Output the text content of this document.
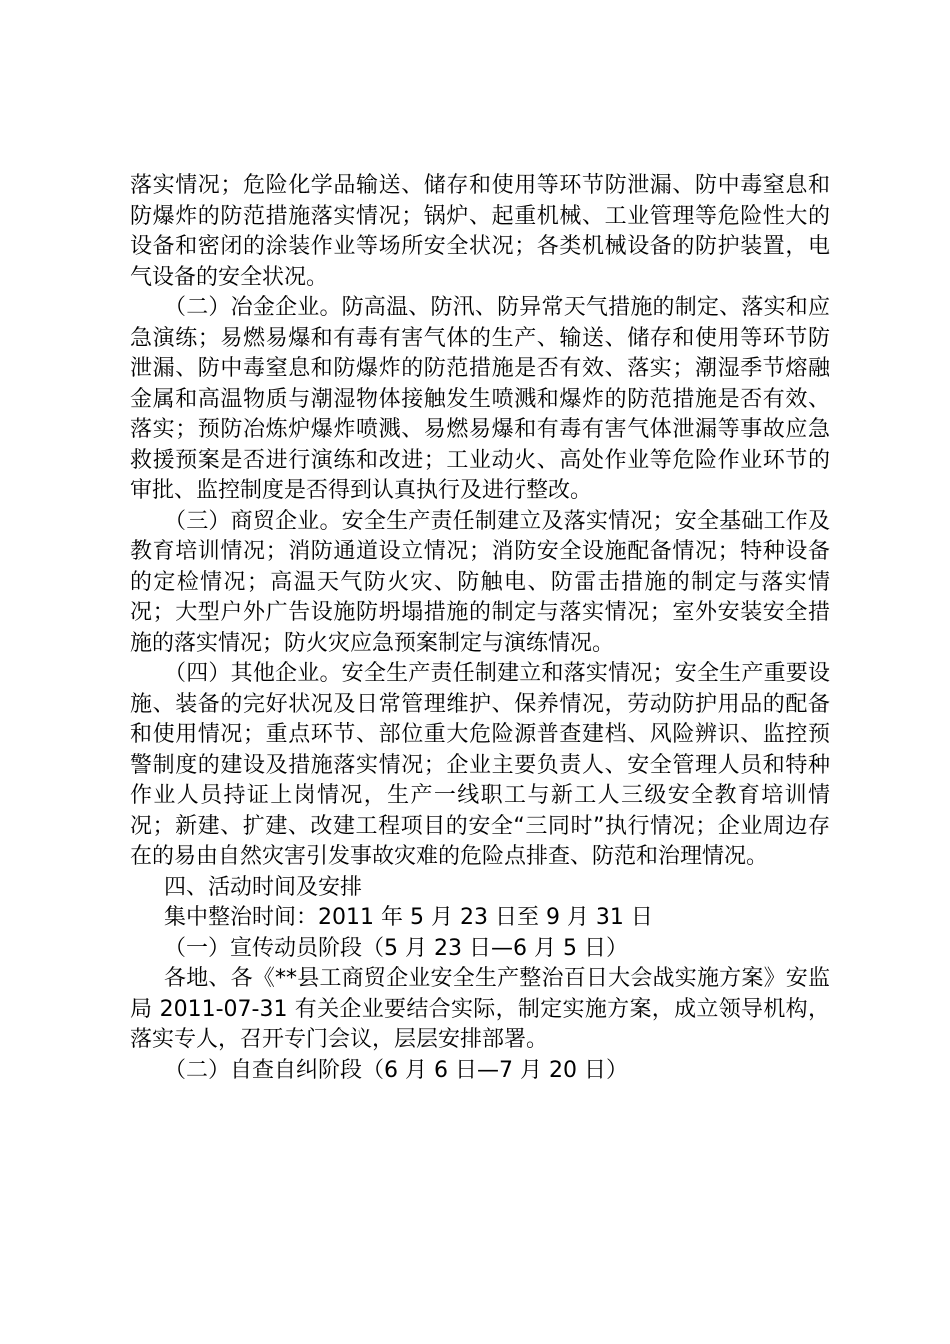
落实情况；危险化学品输送、储存和使用等环节防泄漏、防中毒窒息和防爆炸的防范措施落实情况；锅炉、起重机械、工业管理等危险性大的设备和密闭的涂装作业等场所安全状况；各类机械设备的防护装置，电气设备的安全状况。

（二）冶金企业。防高温、防汛、防异常天气措施的制定、落实和应急演练；易燃易爆和有毒有害气体的生产、输送、储存和使用等环节防泄漏、防中毒窒息和防爆炸的防范措施是否有效、落实；潮湿季节熔融金属和高温物质与潮湿物体接触发生喷溅和爆炸的防范措施是否有效、落实；预防冶炼炉爆炸喷溅、易燃易爆和有毒有害气体泄漏等事故应急救援预案是否进行演练和改进；工业动火、高处作业等危险作业环节的审批、监控制度是否得到认真执行及进行整改。

（三）商贸企业。安全生产责任制建立及落实情况；安全基础工作及教育培训情况；消防通道设立情况；消防安全设施配备情况；特种设备的定检情况；高温天气防火灾、防触电、防雷击措施的制定与落实情况；大型户外广告设施防坍塌措施的制定与落实情况；室外安装安全措施的落实情况；防火灾应急预案制定与演练情况。

（四）其他企业。安全生产责任制建立和落实情况；安全生产重要设施、装备的完好状况及日常管理维护、保养情况，劳动防护用品的配备和使用情况；重点环节、部位重大危险源普查建档、风险辨识、监控预警制度的建设及措施落实情况；企业主要负责人、安全管理人员和特种作业人员持证上岗情况，生产一线职工与新工人三级安全教育培训情况；新建、扩建、改建工程项目的安全“三同时”执行情况；企业周边存在的易由自然灾害引发事故灾难的危险点排查、防范和治理情况。

四、活动时间及安排

集中整治时间：2011 年 5 月 23 日至 9 月 31 日

（一）宣传动员阶段（5 月 23 日—6 月 5 日）

各地、各《**县工商贸企业安全生产整治百日大会战实施方案》安监局 2011-07-31 有关企业要结合实际，制定实施方案，成立领导机构，落实专人，召开专门会议，层层安排部署。

（二）自查自纠阶段（6 月 6 日—7 月 20 日）
